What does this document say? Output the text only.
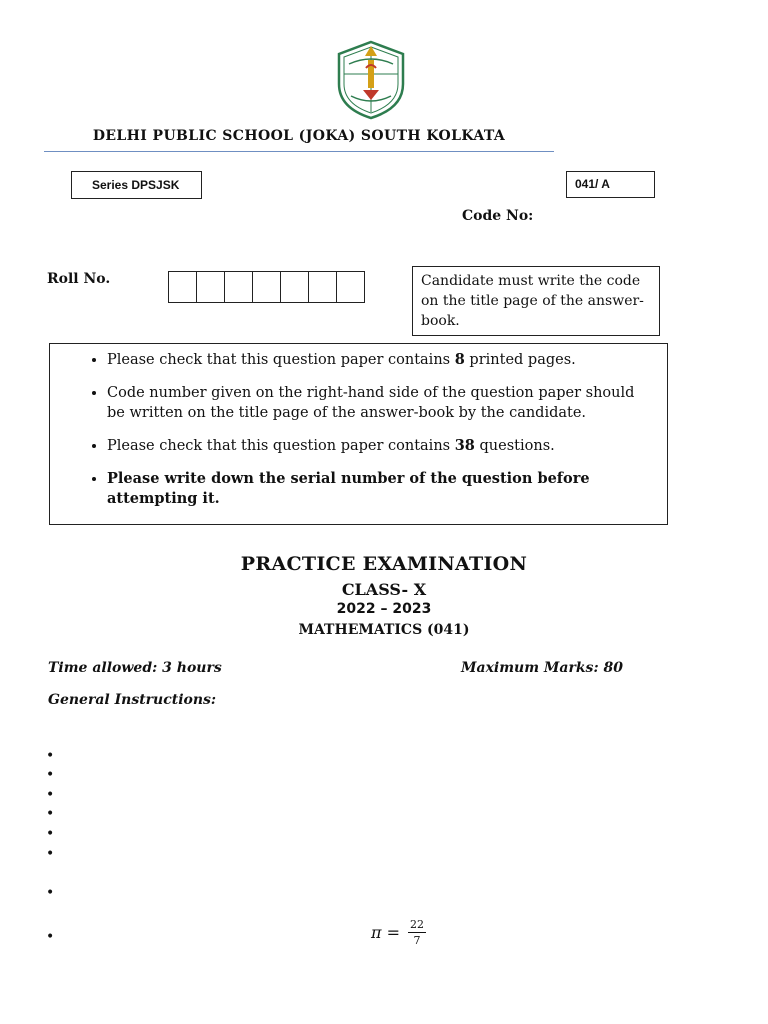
DELHI PUBLIC SCHOOL (JOKA) SOUTH KOLKATA
Series DPSJSK	041/ A
Code No:
Roll No.	Candidate must write the code on the title page of the answer-book.
• Please check that this question paper contains 8 printed pages.
• Code number given on the right-hand side of the question paper should be written on the title page of the answer-book by the candidate.
• Please check that this question paper contains 38 questions.
• Please write down the serial number of the question before attempting it.
PRACTICE EXAMINATION
CLASS- X
2022 – 2023
MATHEMATICS (041)
Time allowed: 3 hours	Maximum Marks: 80
General Instructions:
•
•
•
•
•
•
•
•	$\pi = \frac{22}{7}$
